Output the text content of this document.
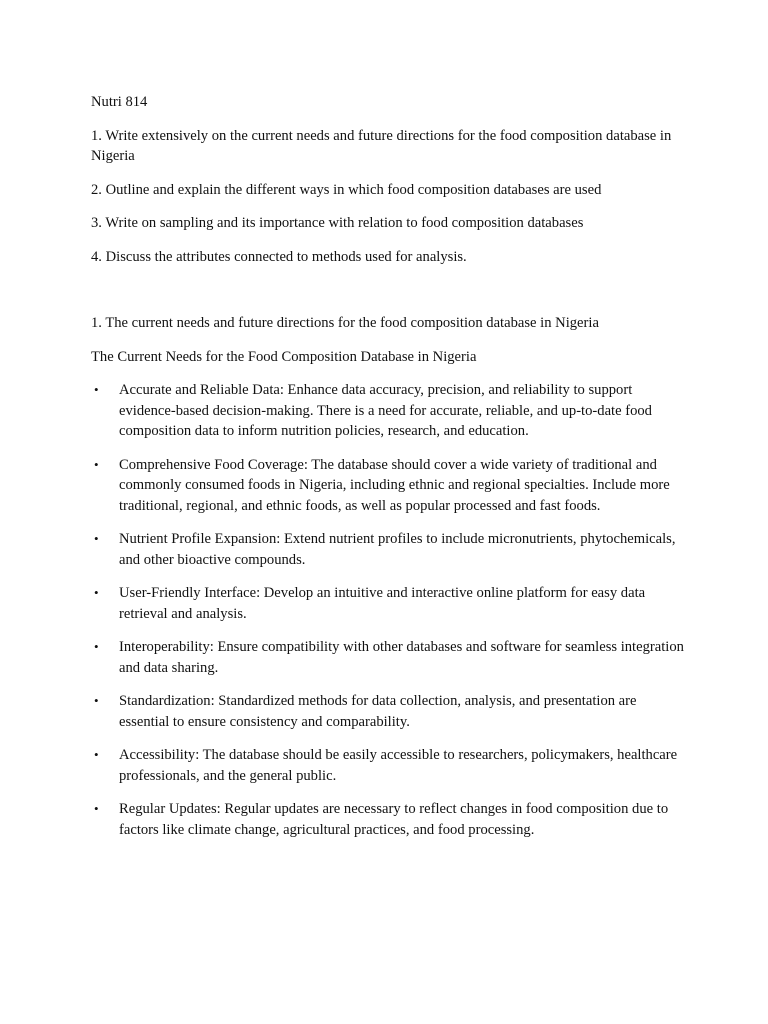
Nutri 814

1. Write extensively on the current needs and future directions for the food composition database in Nigeria

2. Outline and explain the different ways in which food composition databases are used

3. Write on sampling and its importance with relation to food composition databases

4. Discuss the attributes connected to methods used for analysis.

1. The current needs and future directions for the food composition database in Nigeria

The Current Needs for the Food Composition Database in Nigeria

• Accurate and Reliable Data: Enhance data accuracy, precision, and reliability to support evidence-based decision-making. There is a need for accurate, reliable, and up-to-date food composition data to inform nutrition policies, research, and education.
• Comprehensive Food Coverage: The database should cover a wide variety of traditional and commonly consumed foods in Nigeria, including ethnic and regional specialties. Include more traditional, regional, and ethnic foods, as well as popular processed and fast foods.
• Nutrient Profile Expansion: Extend nutrient profiles to include micronutrients, phytochemicals, and other bioactive compounds.
• User-Friendly Interface: Develop an intuitive and interactive online platform for easy data retrieval and analysis.
• Interoperability: Ensure compatibility with other databases and software for seamless integration and data sharing.
• Standardization: Standardized methods for data collection, analysis, and presentation are essential to ensure consistency and comparability.
• Accessibility: The database should be easily accessible to researchers, policymakers, healthcare professionals, and the general public.
• Regular Updates: Regular updates are necessary to reflect changes in food composition due to factors like climate change, agricultural practices, and food processing.
